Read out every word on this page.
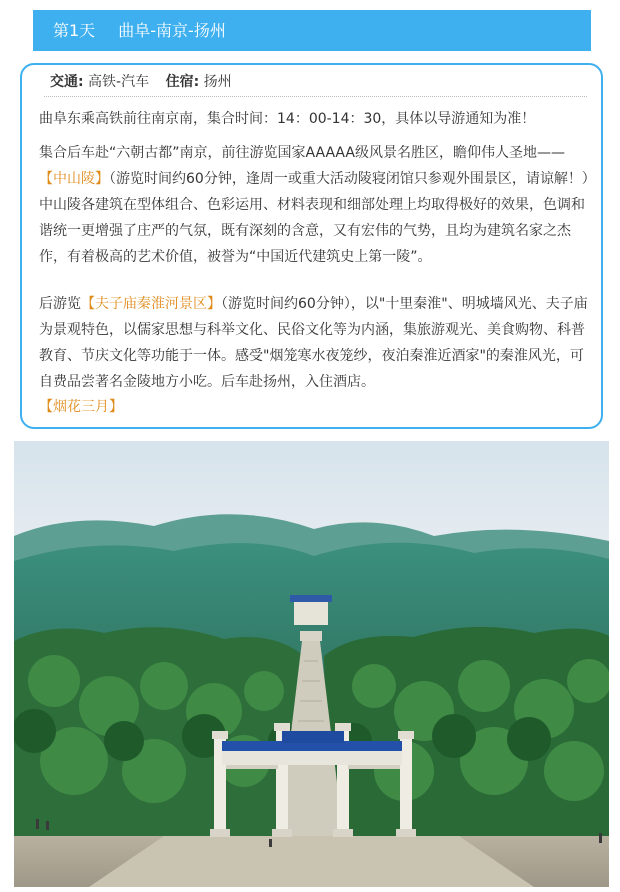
第1天 曲阜-南京-扬州
交通: 高铁-汽车 住宿: 扬州

曲阜东乘高铁前往南京南，集合时间：14：00-14：30，具体以导游通知为准！

集合后车赴“六朝古都”南京，前往游览国家AAAAA级风景名胜区，瞻仰伟人圣地——【中山陵】（游览时间约60分钟，逢周一或重大活动陵寝闭馆只参观外围景区，请谅解！）中山陵各建筑在型体组合、色彩运用、材料表现和细部处理上均取得极好的效果，色调和谐统一更增强了庄严的气氛，既有深刻的含意，又有宏伟的气势，且均为建筑名家之杰作，有着极高的艺术价值，被誉为“中国近代建筑史上第一陵”。

后游览【夫子庙秦淮河景区】（游览时间约60分钟），以"十里秦淮"、明城墙风光、夫子庙为景观特色，以儒家思想与科举文化、民俗文化等为内涵，集旅游观光、美食购物、科普教育、节庆文化等功能于一体。感受"烟笼寒水夜笼纱，夜泊秦淮近酒家"的秦淮风光，可自费品尝著名金陵地方小吃。后车赴扬州，入住酒店。

【烟花三月】
